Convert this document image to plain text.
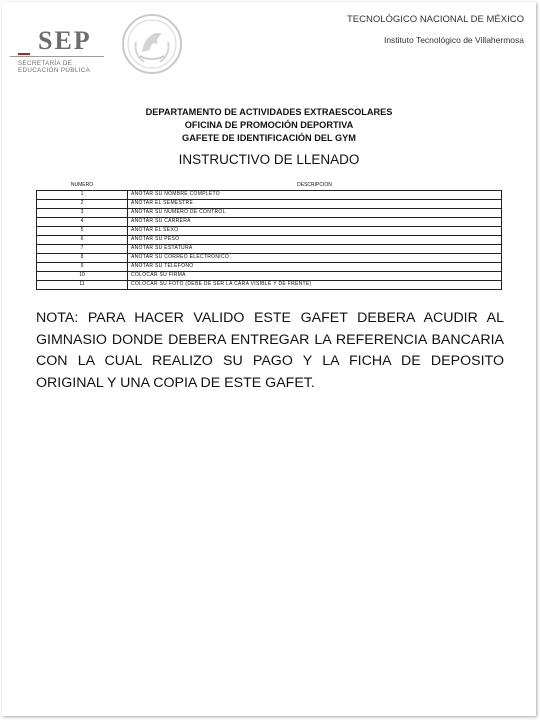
SEP
SECRETARÍA DE
EDUCACIÓN PÚBLICA
TECNOLÓGICO NACIONAL DE MÉXICO
Instituto Tecnológico de Villahermosa
DEPARTAMENTO DE ACTIVIDADES EXTRAESCOLARES
OFICINA DE PROMOCIÓN DEPORTIVA
GAFETE DE IDENTIFICACIÓN DEL GYM
INSTRUCTIVO DE LLENADO
NUMERO	DESCRIPCION
1	ANOTAR SU NOMBRE COMPLETO
2	ANOTAR EL SEMESTRE
3	ANOTAR SU NUMERO DE CONTROL
4	ANOTAR SU CARRERA
5	ANOTAR EL SEXO
6	ANOTAR SU PESO
7	ANOTAR SU ESTATURA
8	ANOTAR SU CORREO ELECTRONICO
9	ANOTAR SU TELEFONO
10	COLOCAR SU FIRMA
11	COLOCAR SU FOTO (DEBE DE SER LA CARA VISIBLE Y DE FRENTE)
NOTA: PARA HACER VALIDO ESTE GAFET DEBERA ACUDIR AL GIMNASIO DONDE DEBERA ENTREGAR LA REFERENCIA BANCARIA CON LA CUAL REALIZO SU PAGO Y LA FICHA DE DEPOSITO ORIGINAL Y UNA COPIA DE ESTE GAFET.
